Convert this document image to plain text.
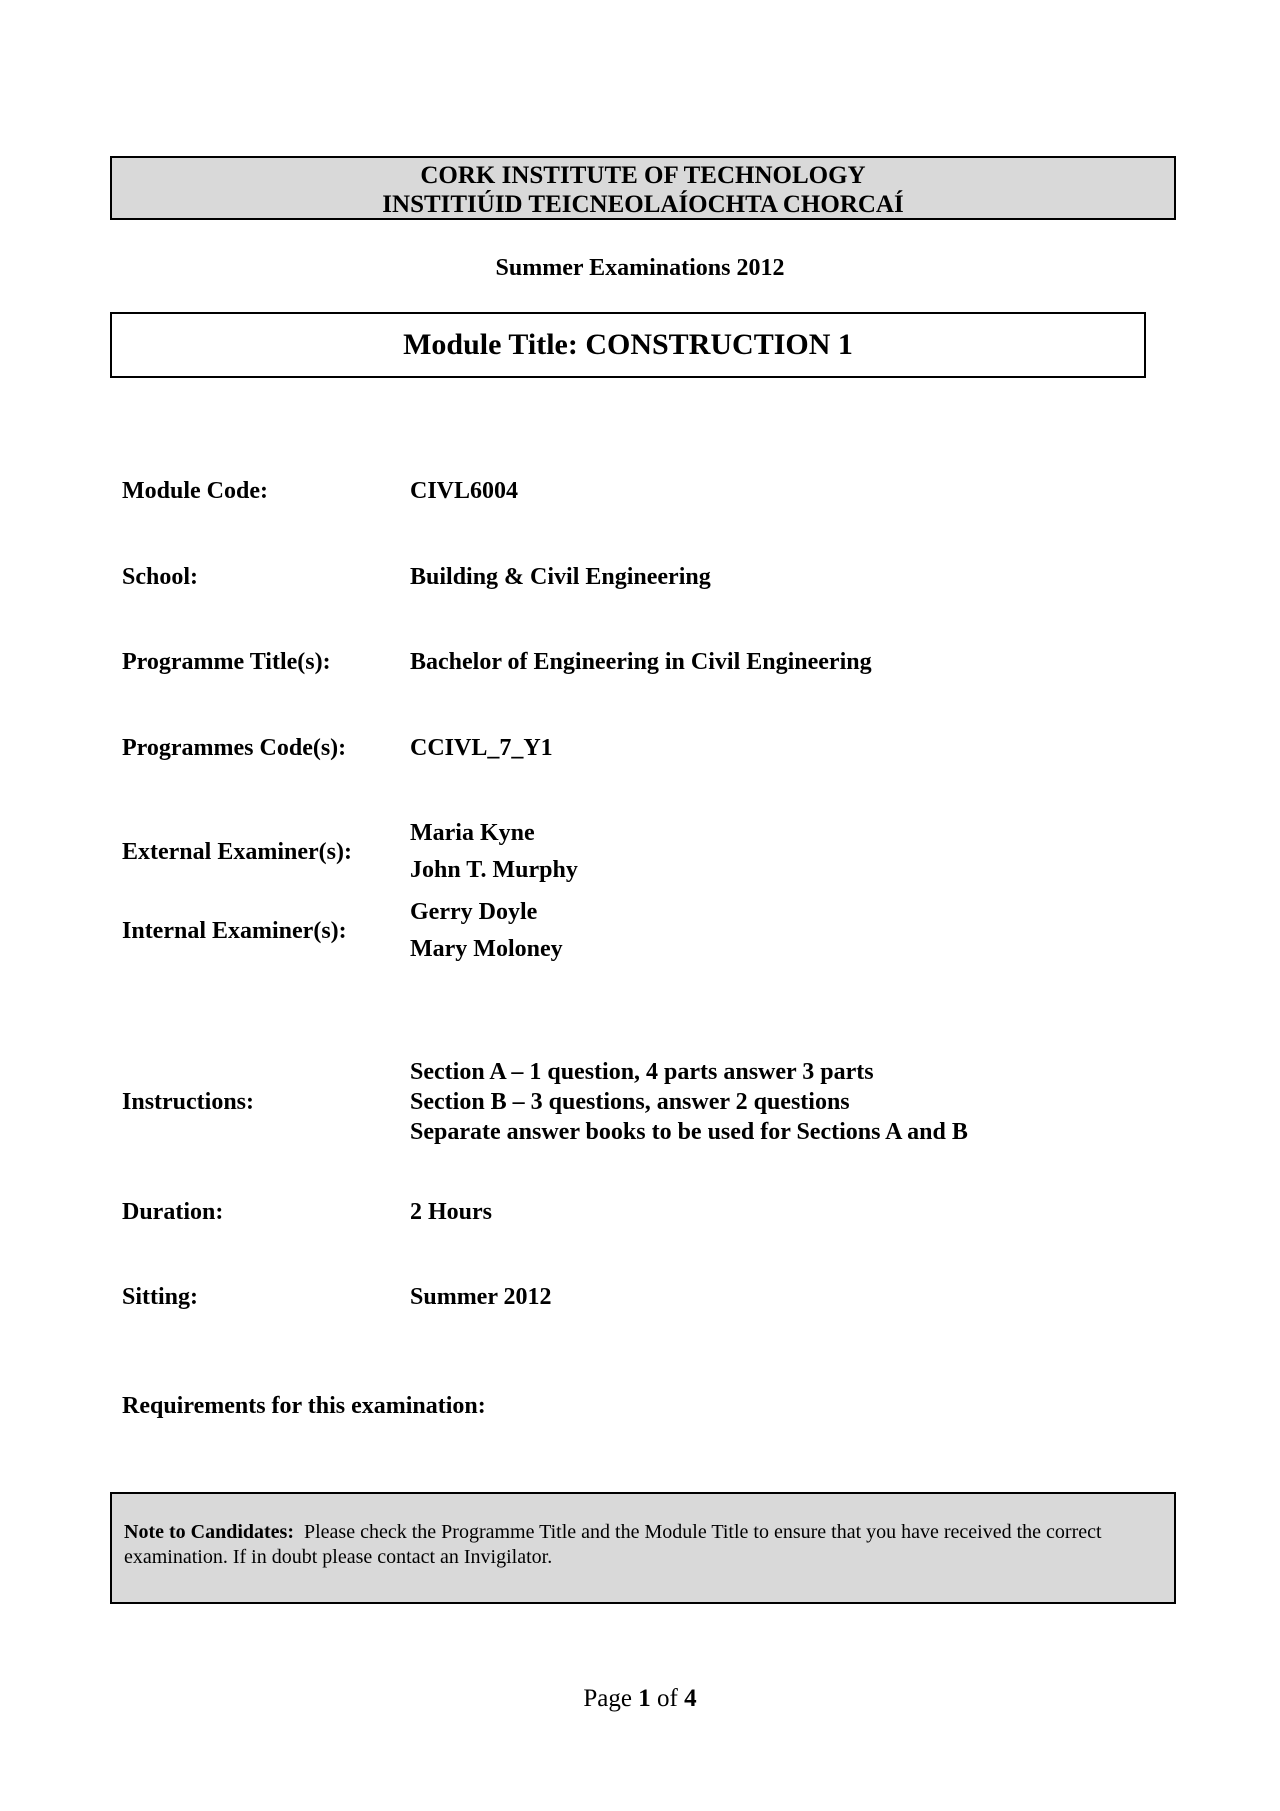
CORK INSTITUTE OF TECHNOLOGY
INSTITIÚID TEICNEOLAÍOCHTA CHORCAÍ
Summer Examinations 2012
Module Title: CONSTRUCTION 1
Module Code:	CIVL6004
School:	Building & Civil Engineering
Programme Title(s):	Bachelor of Engineering in Civil Engineering
Programmes Code(s):	CCIVL_7_Y1
External Examiner(s):
Maria Kyne
John T. Murphy
Internal Examiner(s):
Gerry Doyle
Mary Moloney
Instructions:
Section A – 1 question, 4 parts answer 3 parts
Section B – 3 questions, answer 2 questions
Separate answer books to be used for Sections A and B
Duration:	2 Hours
Sitting:	Summer 2012
Requirements for this examination:
Note to Candidates: Please check the Programme Title and the Module Title to ensure that you have received the correct examination. If in doubt please contact an Invigilator.
Page 1 of 4
